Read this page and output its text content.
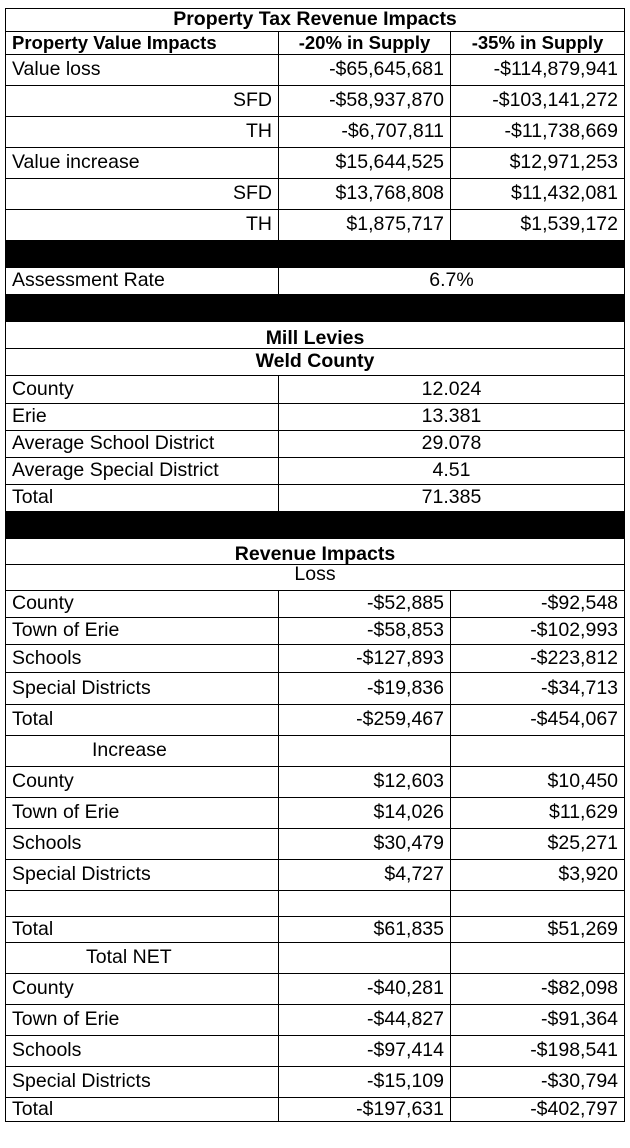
Property Tax Revenue Impacts		
Property Value Impacts	-20% in Supply	-35% in Supply
Value loss	-$65,645,681	-$114,879,941
SFD	-$58,937,870	-$103,141,272
TH	-$6,707,811	-$11,738,669
Value increase	$15,644,525	$12,971,253
SFD	$13,768,808	$11,432,081
TH	$1,875,717	$1,539,172

Assessment Rate	6.7%	

Mill Levies		
Weld County		
County	12.024	
Erie	13.381	
Average School District	29.078	
Average Special District	4.51	
Total	71.385	

Revenue Impacts		
Loss		
County	-$52,885	-$92,548
Town of Erie	-$58,853	-$102,993
Schools	-$127,893	-$223,812
Special Districts	-$19,836	-$34,713
Total	-$259,467	-$454,067
Increase		
County	$12,603	$10,450
Town of Erie	$14,026	$11,629
Schools	$30,479	$25,271
Special Districts	$4,727	$3,920

Total	$61,835	$51,269
Total NET		
County	-$40,281	-$82,098
Town of Erie	-$44,827	-$91,364
Schools	-$97,414	-$198,541
Special Districts	-$15,109	-$30,794
Total	-$197,631	-$402,797
